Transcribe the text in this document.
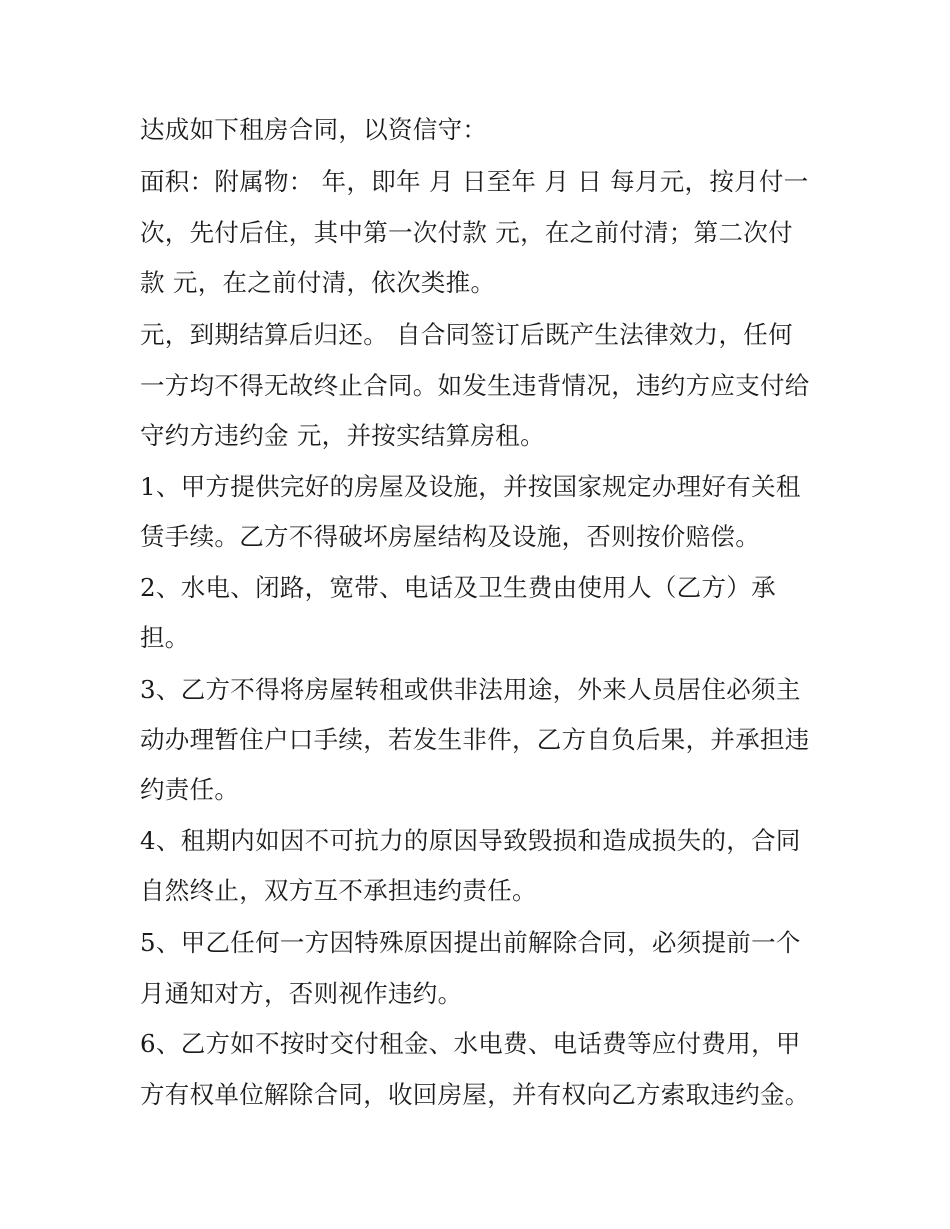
达成如下租房合同，以资信守：
面积：附属物： 年，即年 月 日至年 月 日 每月元，按月付一
次，先付后住，其中第一次付款 元，在之前付清；第二次付
款 元，在之前付清，依次类推。
元，到期结算后归还。 自合同签订后既产生法律效力，任何
一方均不得无故终止合同。如发生违背情况，违约方应支付给
守约方违约金 元，并按实结算房租。
1、甲方提供完好的房屋及设施，并按国家规定办理好有关租
赁手续。乙方不得破坏房屋结构及设施，否则按价赔偿。
2、水电、闭路，宽带、电话及卫生费由使用人（乙方）承
担。
3、乙方不得将房屋转租或供非法用途，外来人员居住必须主
动办理暂住户口手续，若发生非件，乙方自负后果，并承担违
约责任。
4、租期内如因不可抗力的原因导致毁损和造成损失的，合同
自然终止，双方互不承担违约责任。
5、甲乙任何一方因特殊原因提出前解除合同，必须提前一个
月通知对方，否则视作违约。
6、乙方如不按时交付租金、水电费、电话费等应付费用，甲
方有权单位解除合同，收回房屋，并有权向乙方索取违约金。
